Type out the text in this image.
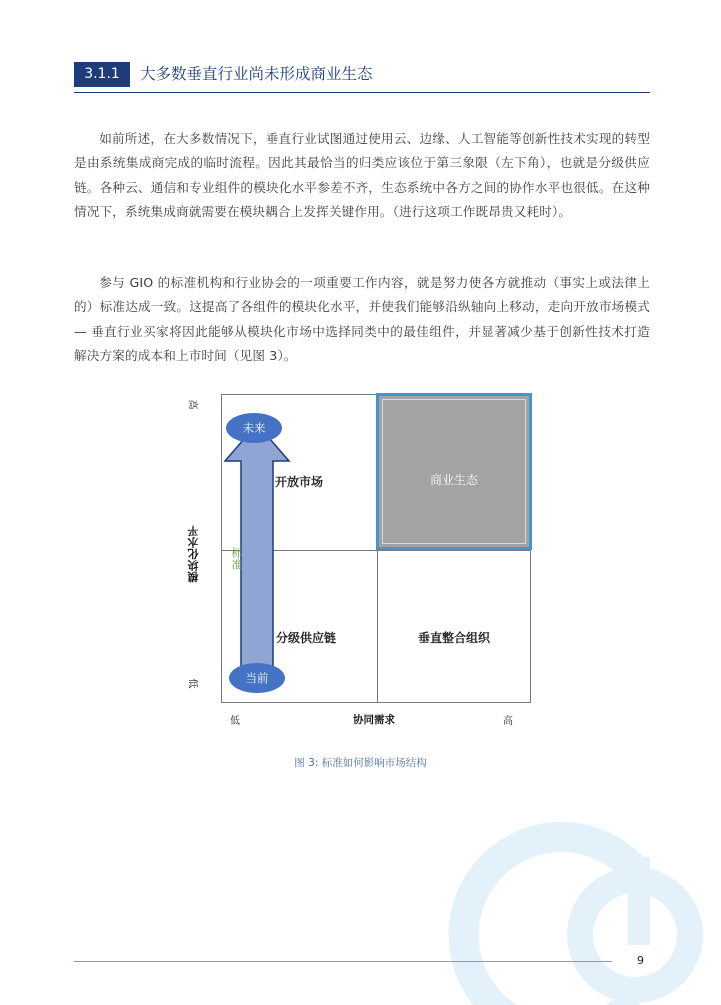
3.1.1	大多数垂直行业尚未形成商业生态

如前所述，在大多数情况下，垂直行业试图通过使用云、边缘、人工智能等创新性技术实现的转型是由系统集成商完成的临时流程。因此其最恰当的归类应该位于第三象限（左下角），也就是分级供应链。各种云、通信和专业组件的模块化水平参差不齐，生态系统中各方之间的协作水平也很低。在这种情况下，系统集成商就需要在模块耦合上发挥关键作用。（进行这项工作既昂贵又耗时）。

参与 GIO 的标准机构和行业协会的一项重要工作内容，就是努力使各方就推动（事实上或法律上的）标准达成一致。这提高了各组件的模块化水平，并使我们能够沿纵轴向上移动，走向开放市场模式— 垂直行业买家将因此能够从模块化市场中选择同类中的最佳组件，并显著减少基于创新性技术打造解决方案的成本和上市时间（见图 3）。

高
模块化水平
低
商业生态
开放市场
分级供应链	垂直整合组织
标准
未来
当前
低	协同需求	高
图 3: 标准如何影响市场结构
9
